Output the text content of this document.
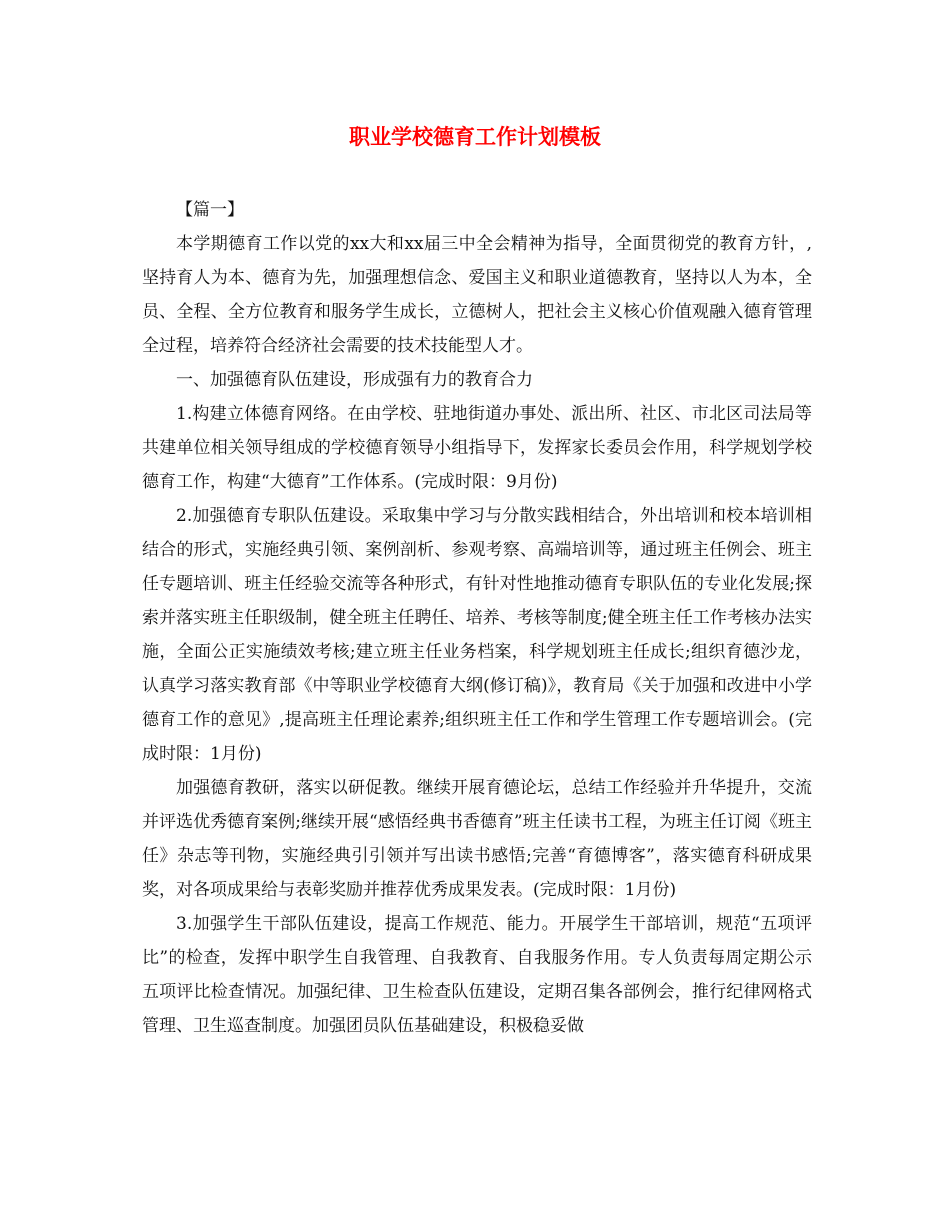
职业学校德育工作计划模板

【篇一】

本学期德育工作以党的xx大和xx届三中全会精神为指导，全面贯彻党的教育方针，,坚持育人为本、德育为先，加强理想信念、爱国主义和职业道德教育，坚持以人为本，全员、全程、全方位教育和服务学生成长，立德树人，把社会主义核心价值观融入德育管理全过程，培养符合经济社会需要的技术技能型人才。

一、加强德育队伍建设，形成强有力的教育合力

1.构建立体德育网络。在由学校、驻地街道办事处、派出所、社区、市北区司法局等共建单位相关领导组成的学校德育领导小组指导下，发挥家长委员会作用，科学规划学校德育工作，构建“大德育”工作体系。(完成时限：9月份)

2.加强德育专职队伍建设。采取集中学习与分散实践相结合，外出培训和校本培训相结合的形式，实施经典引领、案例剖析、参观考察、高端培训等，通过班主任例会、班主任专题培训、班主任经验交流等各种形式，有针对性地推动德育专职队伍的专业化发展;探索并落实班主任职级制，健全班主任聘任、培养、考核等制度;健全班主任工作考核办法实施，全面公正实施绩效考核;建立班主任业务档案，科学规划班主任成长;组织育德沙龙，认真学习落实教育部《中等职业学校德育大纲(修订稿)》，教育局《关于加强和改进中小学德育工作的意见》,提高班主任理论素养;组织班主任工作和学生管理工作专题培训会。(完成时限：1月份)

加强德育教研，落实以研促教。继续开展育德论坛，总结工作经验并升华提升，交流并评选优秀德育案例;继续开展“感悟经典书香德育”班主任读书工程，为班主任订阅《班主任》杂志等刊物，实施经典引引领并写出读书感悟;完善“育德博客”，落实德育科研成果奖，对各项成果给与表彰奖励并推荐优秀成果发表。(完成时限：1月份)

3.加强学生干部队伍建设，提高工作规范、能力。开展学生干部培训，规范“五项评比”的检查，发挥中职学生自我管理、自我教育、自我服务作用。专人负责每周定期公示五项评比检查情况。加强纪律、卫生检查队伍建设，定期召集各部例会，推行纪律网格式管理、卫生巡查制度。加强团员队伍基础建设，积极稳妥做
